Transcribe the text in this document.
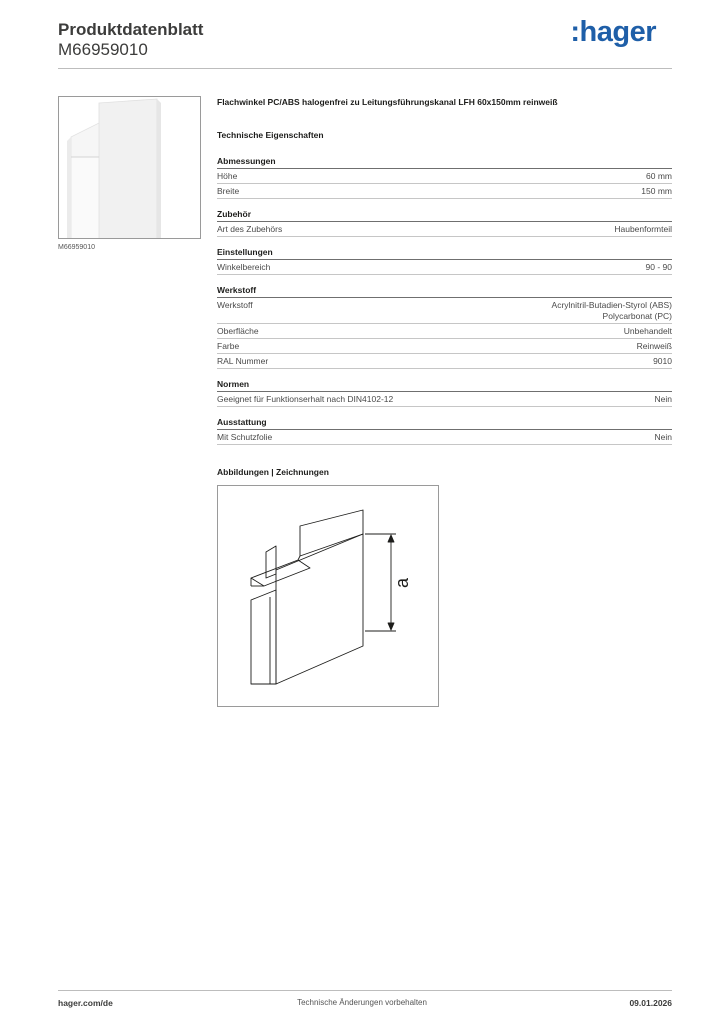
Produktdatenblatt
M66959010
:hager
M66959010
Flachwinkel PC/ABS halogenfrei zu Leitungsführungskanal LFH 60x150mm reinweiß
Technische Eigenschaften
Abmessungen
Höhe	60 mm
Breite	150 mm
Zubehör
Art des Zubehörs	Haubenformteil
Einstellungen
Winkelbereich	90 - 90
Werkstoff
Werkstoff	Acrylnitril-Butadien-Styrol (ABS)
Polycarbonat (PC)
Oberfläche	Unbehandelt
Farbe	Reinweiß
RAL Nummer	9010
Normen
Geeignet für Funktionserhalt nach DIN4102-12	Nein
Ausstattung
Mit Schutzfolie	Nein
Abbildungen | Zeichnungen
a
hager.com/de	Technische Änderungen vorbehalten	09.01.2026
